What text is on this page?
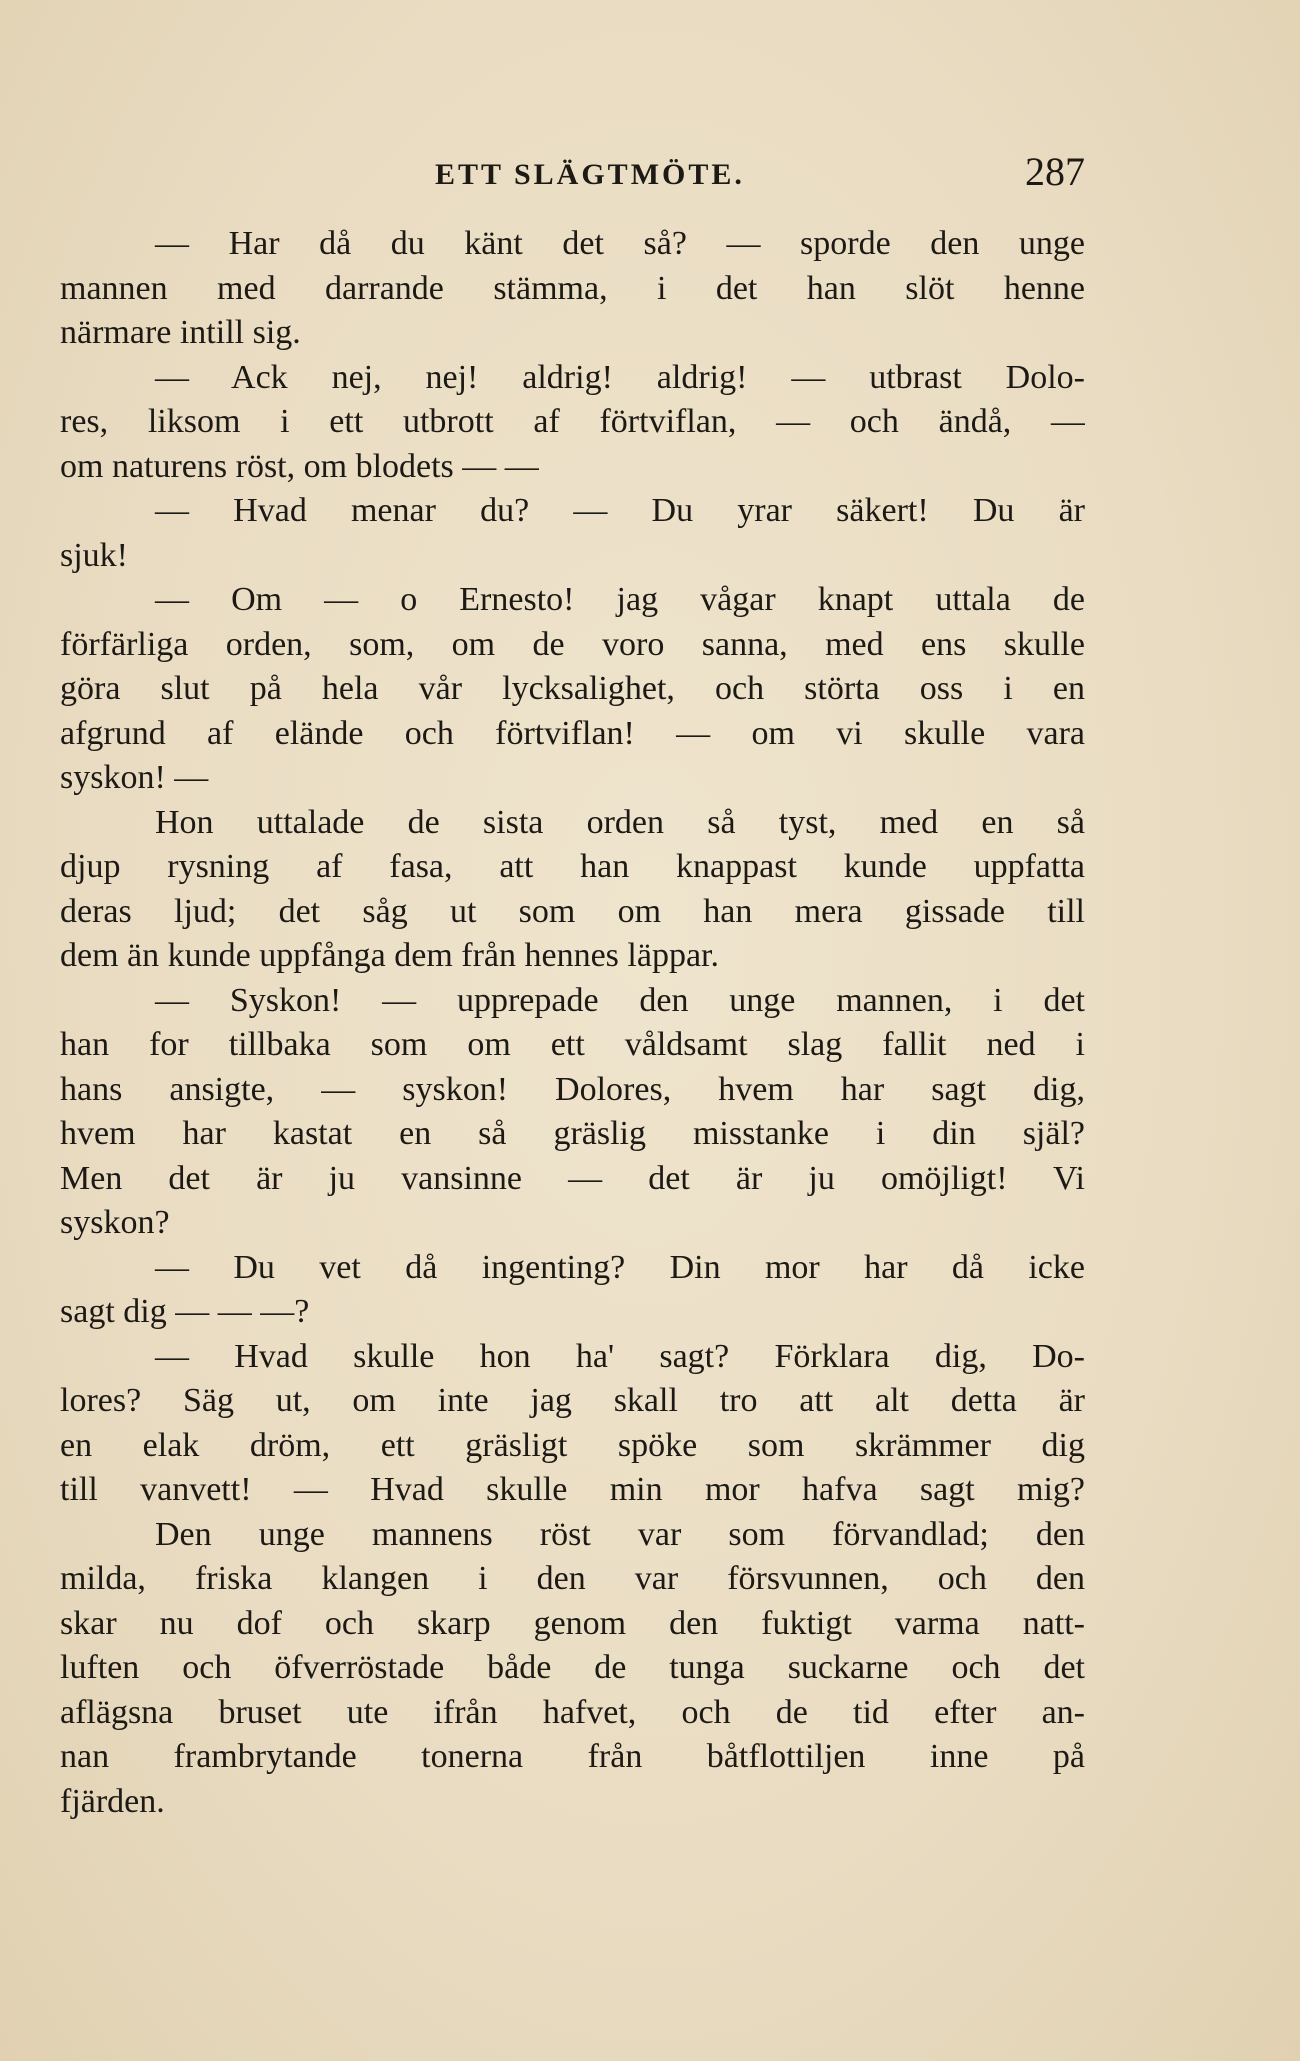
ETT SLÄGTMÖTE.	287
— Har då du känt det så? — sporde den unge
mannen med darrande stämma, i det han slöt henne
närmare intill sig.
— Ack nej, nej! aldrig! aldrig! — utbrast Dolo-
res, liksom i ett utbrott af förtviflan, — och ändå, —
om naturens röst, om blodets — —
— Hvad menar du? — Du yrar säkert! Du är
sjuk!
— Om — o Ernesto! jag vågar knapt uttala de
förfärliga orden, som, om de voro sanna, med ens skulle
göra slut på hela vår lycksalighet, och störta oss i en
afgrund af elände och förtviflan! — om vi skulle vara
syskon! —
Hon uttalade de sista orden så tyst, med en så
djup rysning af fasa, att han knappast kunde uppfatta
deras ljud; det såg ut som om han mera gissade till
dem än kunde uppfånga dem från hennes läppar.
— Syskon! — upprepade den unge mannen, i det
han for tillbaka som om ett våldsamt slag fallit ned i
hans ansigte, — syskon! Dolores, hvem har sagt dig,
hvem har kastat en så gräslig misstanke i din själ?
Men det är ju vansinne — det är ju omöjligt! Vi
syskon?
— Du vet då ingenting? Din mor har då icke
sagt dig — — —?
— Hvad skulle hon ha' sagt? Förklara dig, Do-
lores? Säg ut, om inte jag skall tro att alt detta är
en elak dröm, ett gräsligt spöke som skrämmer dig
till vanvett! — Hvad skulle min mor hafva sagt mig?
Den unge mannens röst var som förvandlad; den
milda, friska klangen i den var försvunnen, och den
skar nu dof och skarp genom den fuktigt varma natt-
luften och öfverröstade både de tunga suckarne och det
aflägsna bruset ute ifrån hafvet, och de tid efter an-
nan frambrytande tonerna från båtflottiljen inne på
fjärden.
